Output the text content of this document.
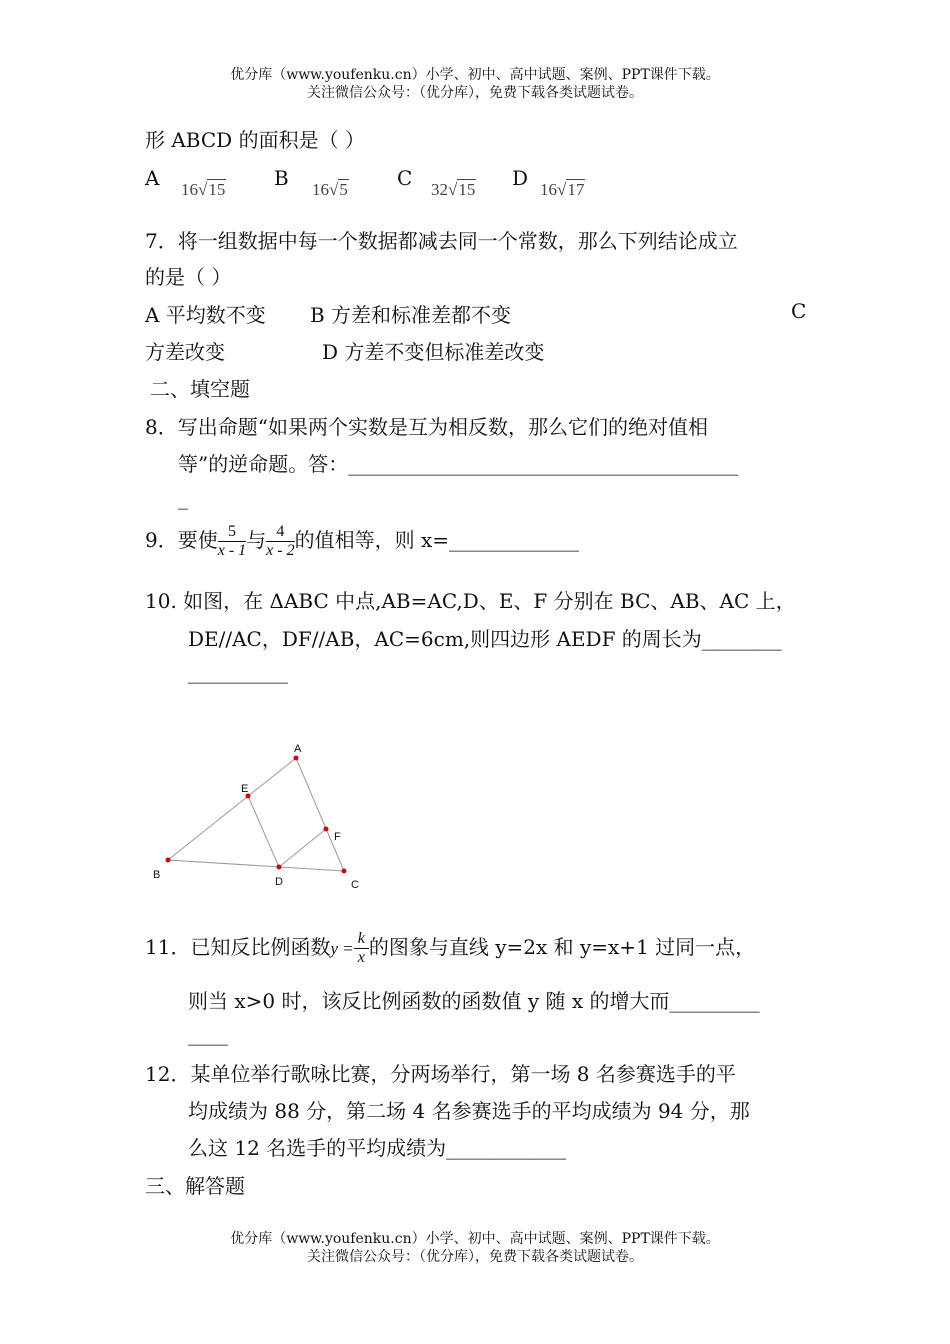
优分库（www.youfenku.cn）小学、初中、高中试题、案例、PPT课件下载。
关注微信公众号：（优分库），免费下载各类试题试卷。
形 ABCD 的面积是（ ）
A 16√15 B 16√5 C 32√15 D 16√17
7．将一组数据中每一个数据都减去同一个常数，那么下列结论成立
的是（ ）
A 平均数不变 B 方差和标准差都不变	C
方差改变	D 方差不变但标准差改变
二、填空题
8．写出命题“如果两个实数是互为相反数，那么它们的绝对值相
等”的逆命题。答：_______________________________________
_
9．要使 $\frac{5}{x - 1}$ 与 $\frac{4}{x - 2}$ 的值相等，则 x=_____________
10. 如图，在 ΔABC 中点,AB=AC,D、E、F 分别在 BC、AB、AC 上，
DE//AC，DF//AB，AC=6cm,则四边形 AEDF 的周长为________
__________
A
B
C
D
E
F
11．已知反比例函数$y = \frac{k}{x}$ 的图象与直线 y=2x 和 y=x+1 过同一点，
则当 x>0 时，该反比例函数的函数值 y 随 x 的增大而_________
____
12．某单位举行歌咏比赛，分两场举行，第一场 8 名参赛选手的平
均成绩为 88 分，第二场 4 名参赛选手的平均成绩为 94 分，那
么这 12 名选手的平均成绩为____________
三、解答题
优分库（www.youfenku.cn）小学、初中、高中试题、案例、PPT课件下载。
关注微信公众号：（优分库），免费下载各类试题试卷。
